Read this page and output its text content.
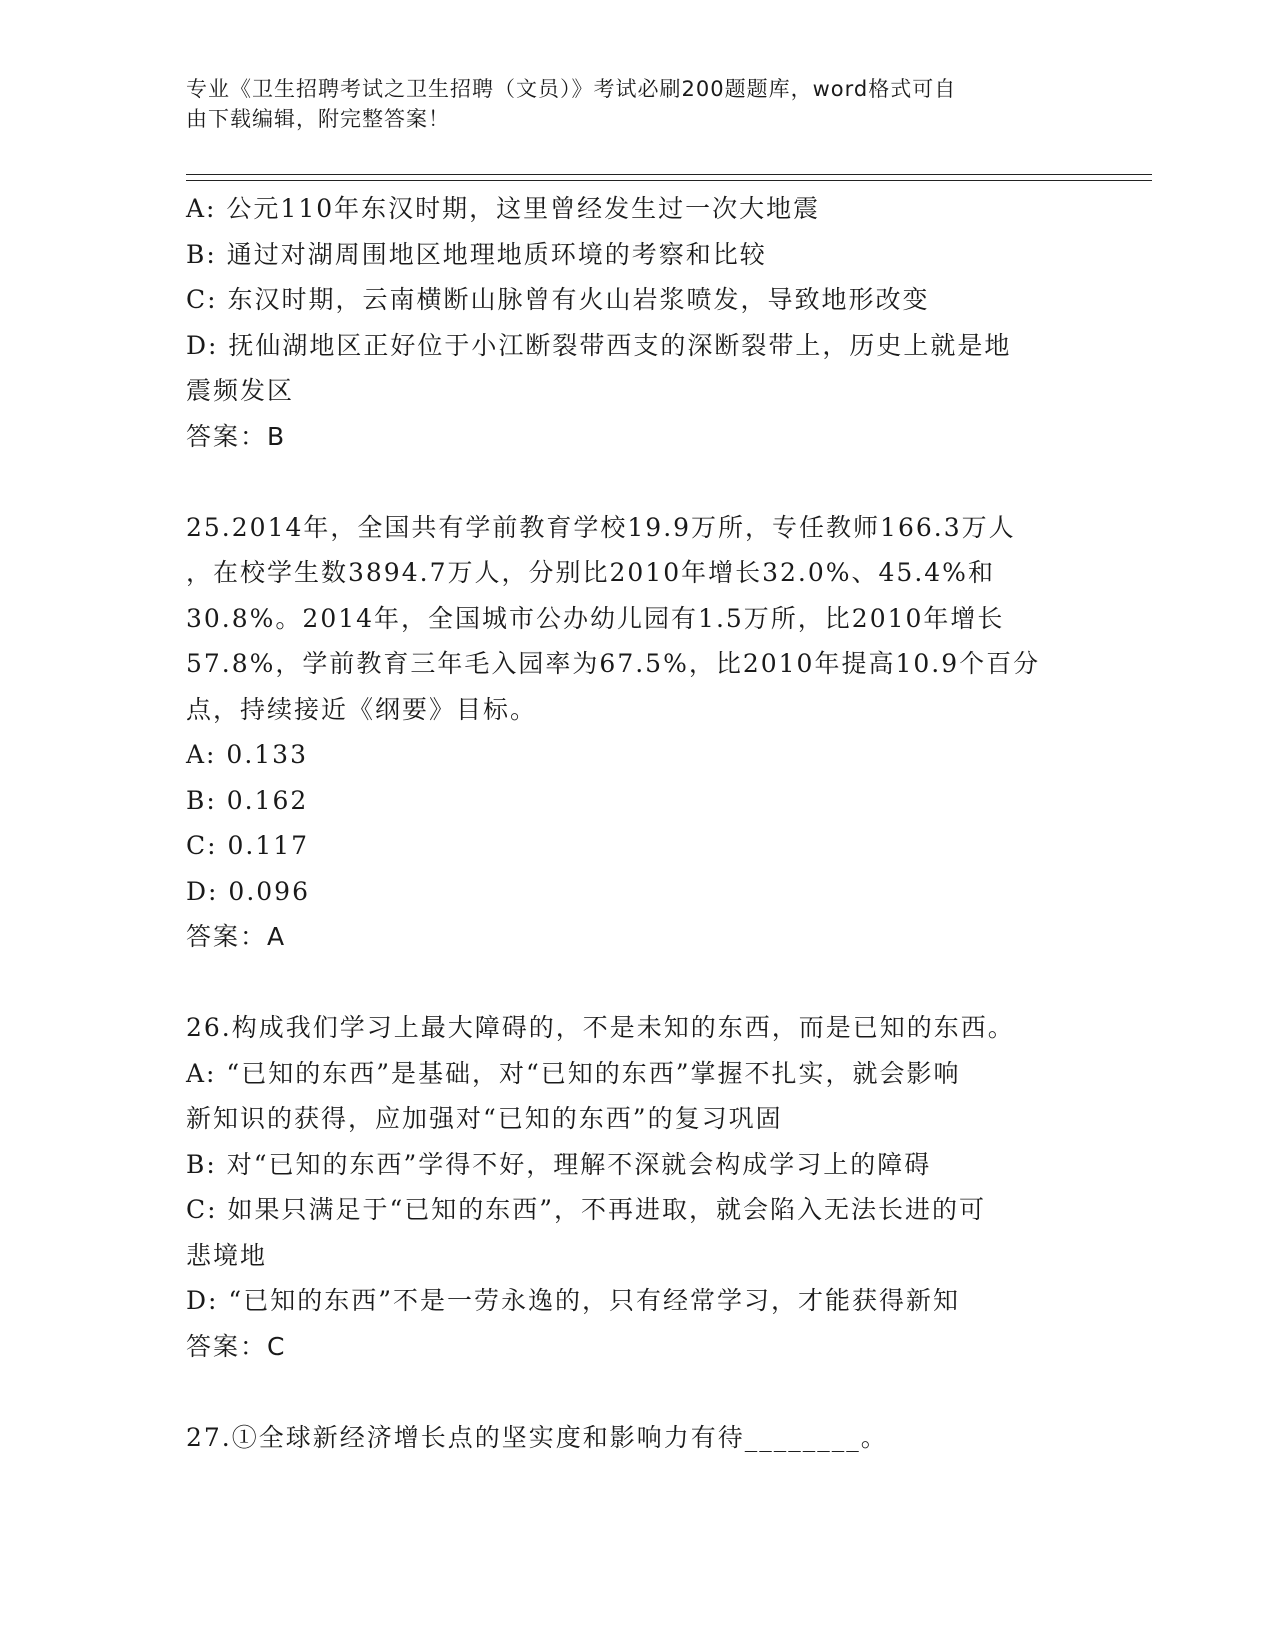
专业《卫生招聘考试之卫生招聘（文员）》考试必刷200题题库，word格式可自
由下载编辑，附完整答案！
A: 公元110年东汉时期，这里曾经发生过一次大地震
B: 通过对湖周围地区地理地质环境的考察和比较
C: 东汉时期，云南横断山脉曾有火山岩浆喷发，导致地形改变
D: 抚仙湖地区正好位于小江断裂带西支的深断裂带上，历史上就是地
震频发区
答案：B
25.2014年，全国共有学前教育学校19.9万所，专任教师166.3万人
，在校学生数3894.7万人，分别比2010年增长32.0%、45.4%和
30.8%。2014年，全国城市公办幼儿园有1.5万所，比2010年增长
57.8%，学前教育三年毛入园率为67.5%，比2010年提高10.9个百分
点，持续接近《纲要》目标。
A: 0.133
B: 0.162
C: 0.117
D: 0.096
答案：A
26.构成我们学习上最大障碍的，不是未知的东西，而是已知的东西。
A: “已知的东西”是基础，对“已知的东西”掌握不扎实，就会影响
新知识的获得，应加强对“已知的东西”的复习巩固
B: 对“已知的东西”学得不好，理解不深就会构成学习上的障碍
C: 如果只满足于“已知的东西”，不再进取，就会陷入无法长进的可
悲境地
D: “已知的东西”不是一劳永逸的，只有经常学习，才能获得新知
答案：C
27.①全球新经济增长点的坚实度和影响力有待________。
